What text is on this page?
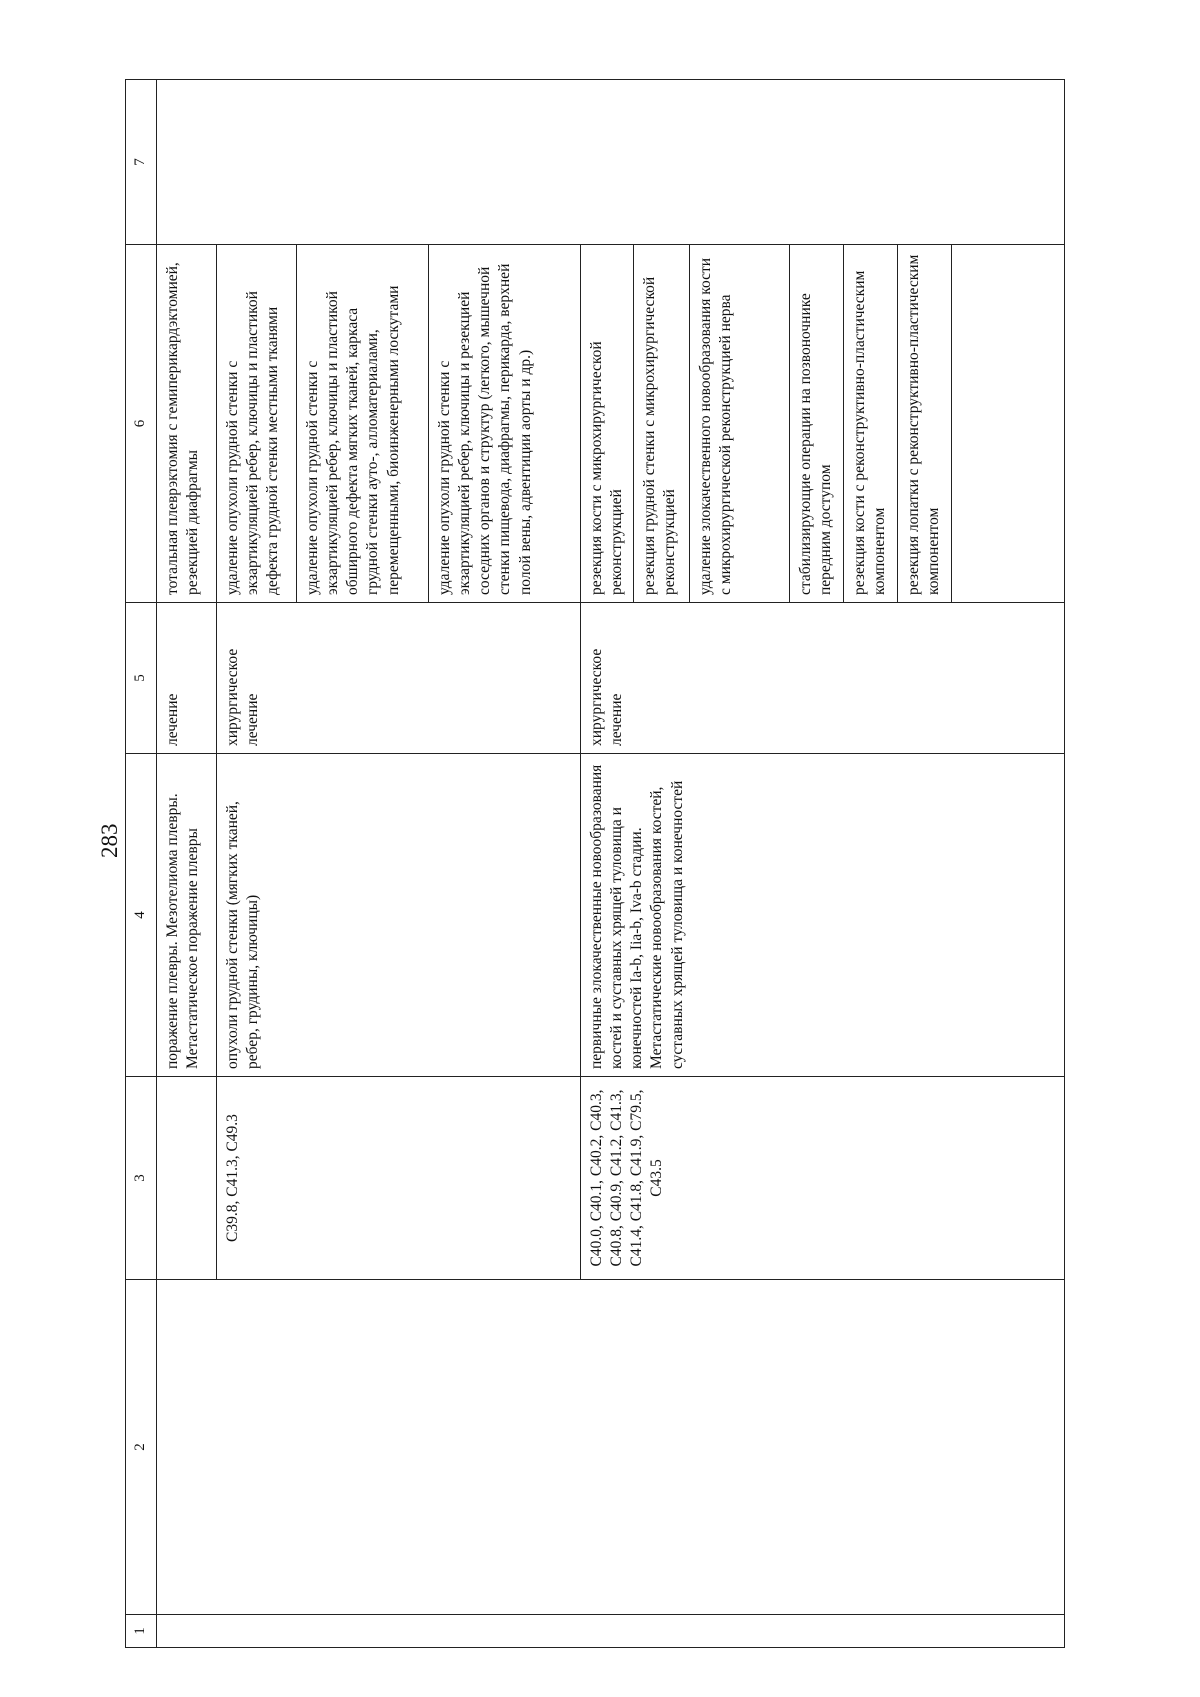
283
1	2	3	4	5	6	7
			поражение плевры. Мезотелиома плевры. Метастатическое поражение плевры	лечение	тотальная плеврэктомия с гемиперикардэктомией, резекцией диафрагмы	
		C39.8, C41.3, C49.3	опухоли грудной стенки (мягких тканей, ребер, грудины, ключицы)	хирургическое лечение	удаление опухоли грудной стенки с экзартикуляцией ребер, ключицы и пластикой дефекта грудной стенки местными тканями	
					удаление опухоли грудной стенки с экзартикуляцией ребер, ключицы и пластикой обширного дефекта мягких тканей, каркаса грудной стенки ауто-, алломатериалами, перемещенными, биоинженерными лоскутами	
					удаление опухоли грудной стенки с экзартикуляцией ребер, ключицы и резекцией соседних органов и структур (легкого, мышечной стенки пищевода, диафрагмы, перикарда, верхней полой вены, адвентиции аорты и др.)	
		C40.0, C40.1, C40.2, C40.3, C40.8, C40.9, C41.2, C41.3, C41.4, C41.8, C41.9, C79.5, C43.5	первичные злокачественные новообразования костей и суставных хрящей туловища и конечностей Ia-b, Iia-b, Iva-b стадии. Метастатические новообразования костей, суставных хрящей туловища и конечностей	хирургическое лечение	резекция кости с микрохирургической реконструкцией	
					резекция грудной стенки с микрохирургической реконструкцией	
					удаление злокачественного новообразования кости с микрохирургической реконструкцией нерва	
					стабилизирующие операции на позвоночнике передним доступом	
					резекция кости с реконструктивно-пластическим компонентом	
					резекция лопатки с реконструктивно-пластическим компонентом	
